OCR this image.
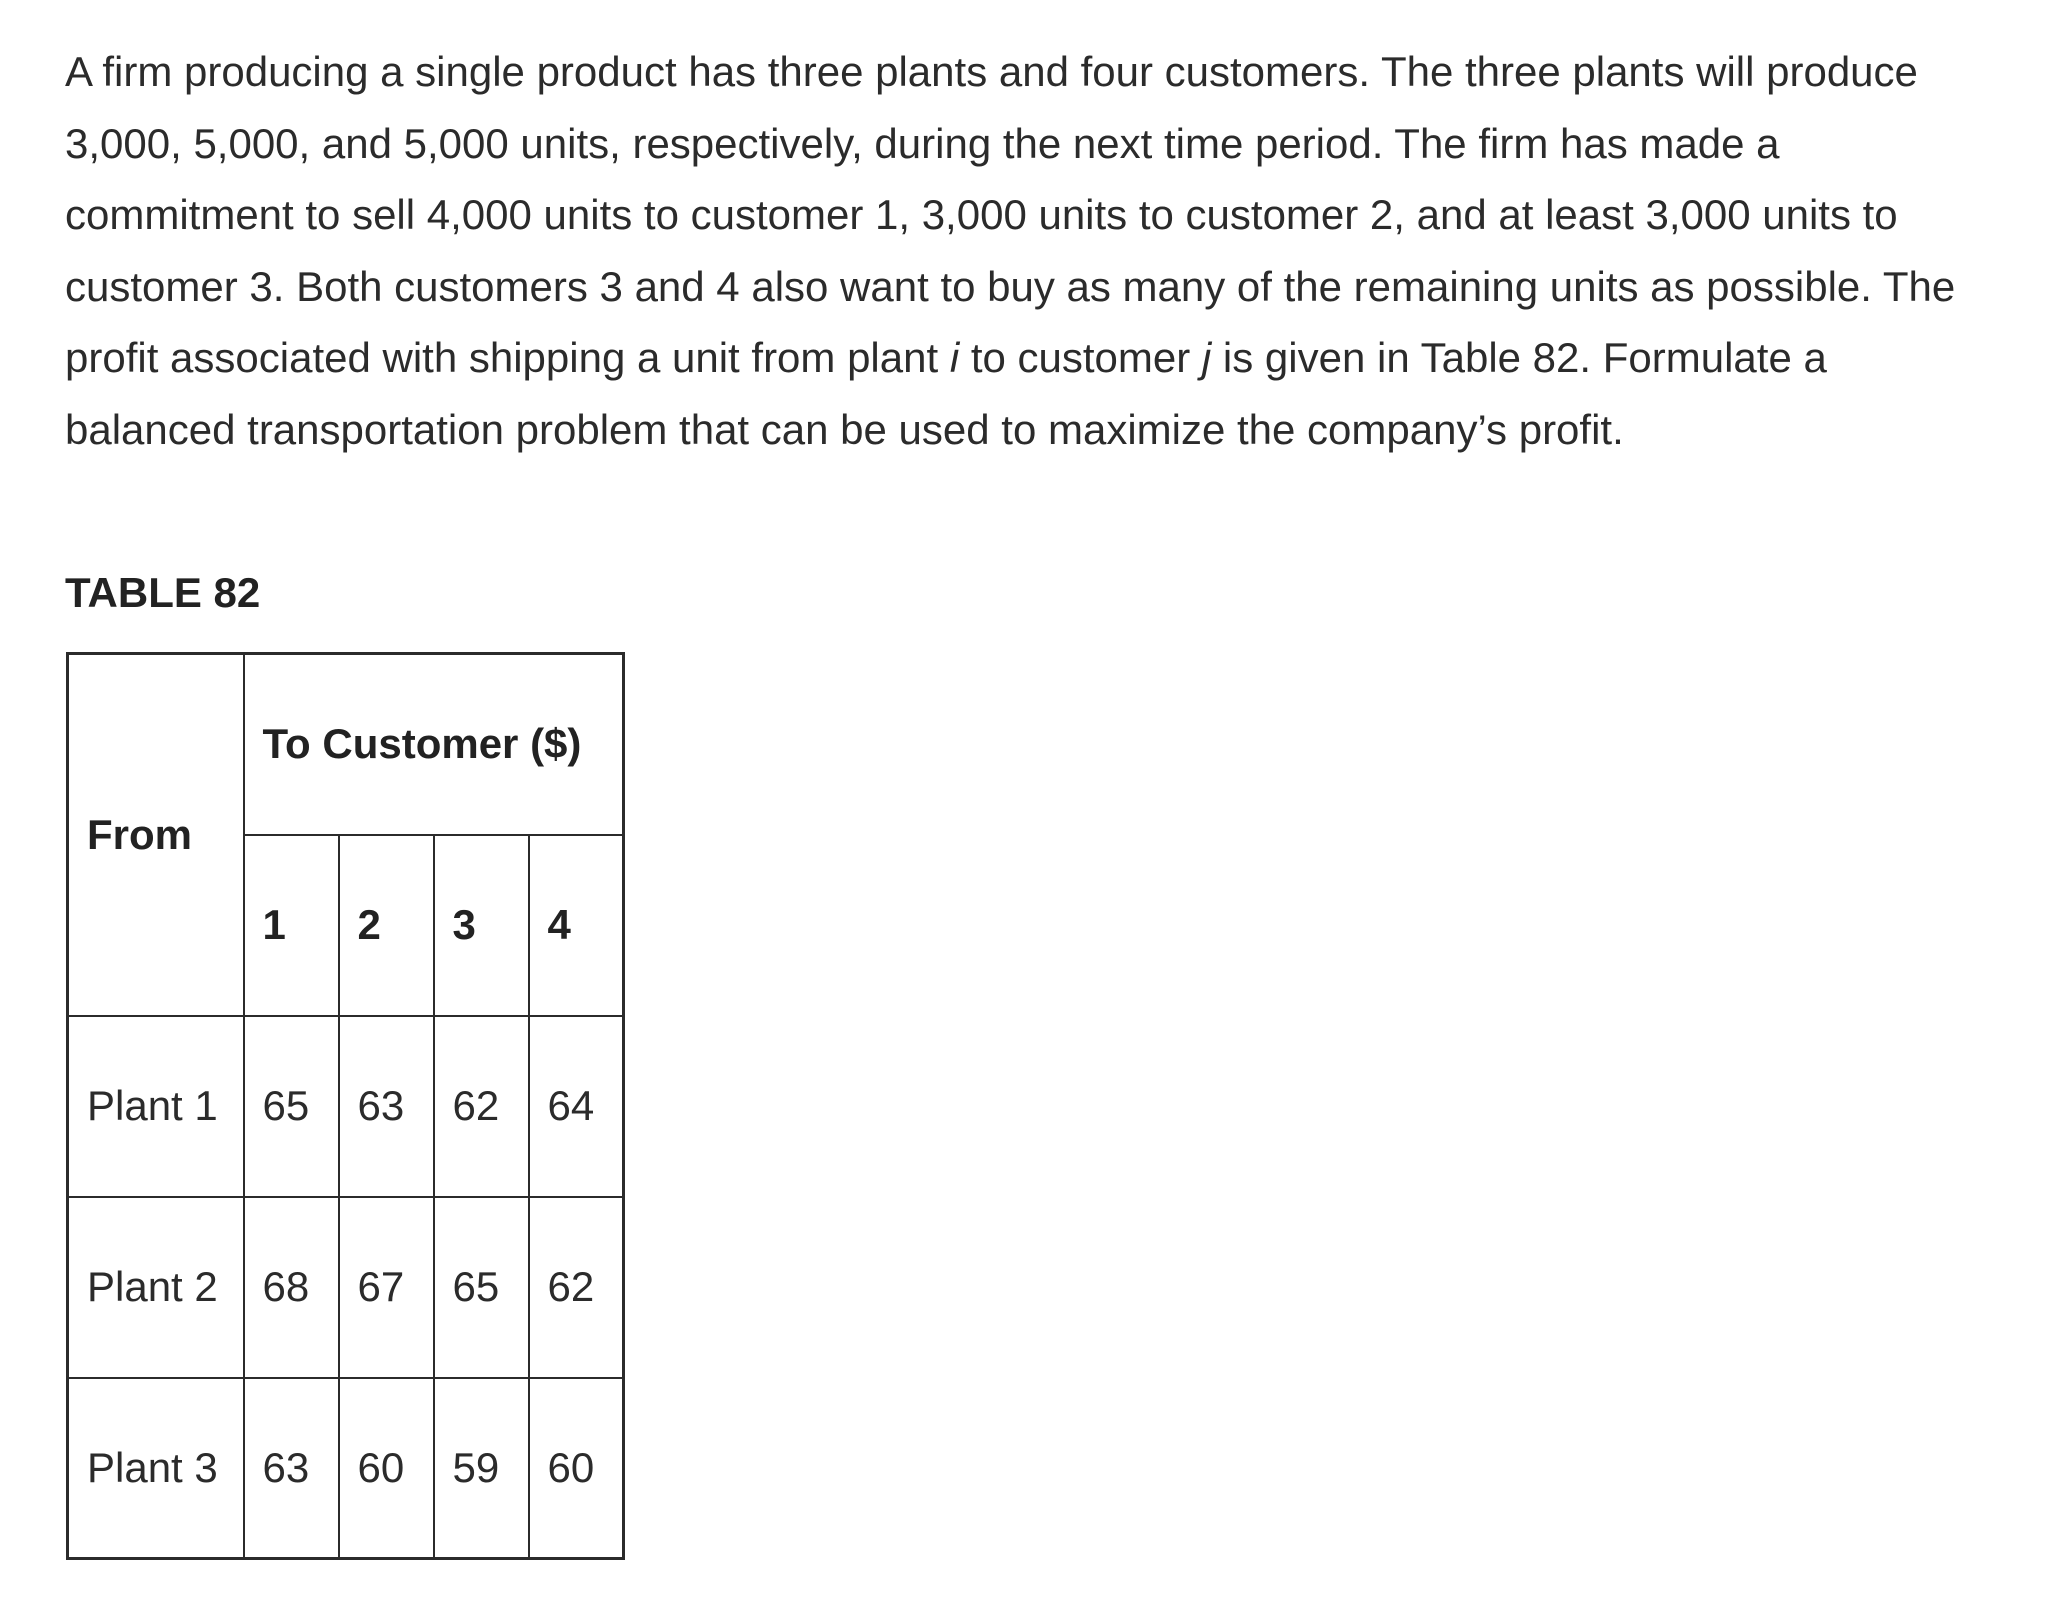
A firm producing a single product has three plants and four customers. The three plants will produce 3,000, 5,000, and 5,000 units, respectively, during the next time period. The firm has made a commitment to sell 4,000 units to customer 1, 3,000 units to customer 2, and at least 3,000 units to customer 3. Both customers 3 and 4 also want to buy as many of the remaining units as possible. The profit associated with shipping a unit from plant i to customer j is given in Table 82. Formulate a balanced transportation problem that can be used to maximize the company’s profit.

TABLE 82
From	To Customer ($)			
	1	2	3	4
Plant 1	65	63	62	64
Plant 2	68	67	65	62
Plant 3	63	60	59	60
